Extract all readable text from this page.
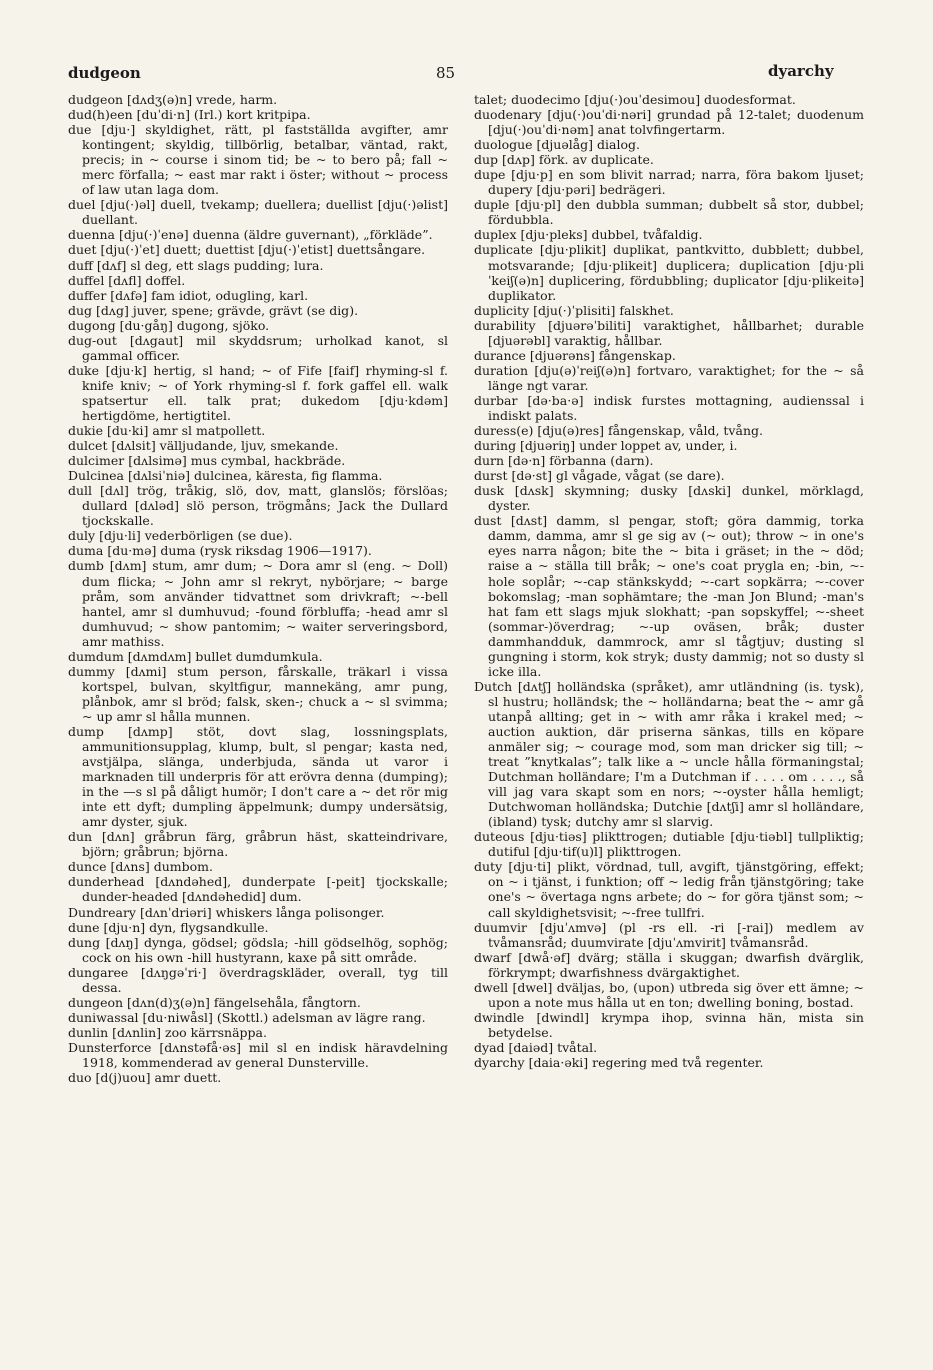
dudgeon	85	dyarchy

dudgeon [dʌdʒ(ə)n] vrede, harm.

dud(h)een [duˈdi·n] (Irl.) kort kritpipa.

due [dju·] skyldighet, rätt, pl fastställda avgifter, amr kontingent; skyldig, tillbörlig, betalbar, väntad, rakt, precis; in ~ course i sinom tid; be ~ to bero på; fall ~ merc förfalla; ~ east mar rakt i öster; without ~ process of law utan laga dom.

duel [dju(·)əl] duell, tvekamp; duellera; duellist [dju(·)əlist] duellant.

duenna [dju(·)ˈenə] duenna (äldre guvernant), „förkläde”.

duet [dju(·)ˈet] duett; duettist [dju(·)ˈetist] duettsångare.

duff [dʌf] sl deg, ett slags pudding; lura.

duffel [dʌfl] doffel.

duffer [dʌfə] fam idiot, odugling, karl.

dug [dʌg] juver, spene; grävde, grävt (se dig).

dugong [du·gåŋ] dugong, sjöko.

dug-out [dʌgaut] mil skyddsrum; urholkad kanot, sl gammal officer.

duke [dju·k] hertig, sl hand; ~ of Fife [faif] rhyming-sl f. knife kniv; ~ of York rhyming-sl f. fork gaffel ell. walk spatsertur ell. talk prat; dukedom [dju·kdəm] hertigdöme, hertigtitel.

dukie [du·ki] amr sl matpollett.

dulcet [dʌlsit] välljudande, ljuv, smekande.

dulcimer [dʌlsimə] mus cymbal, hackbräde.

Dulcinea [dʌlsiˈniə] dulcinea, käresta, fig flamma.

dull [dʌl] trög, tråkig, slö, dov, matt, glanslös; förslöas; dullard [dʌləd] slö person, trögmåns; Jack the Dullard tjockskalle.

duly [dju·li] vederbörligen (se due).

duma [du·mə] duma (rysk riksdag 1906—1917).

dumb [dʌm] stum, amr dum; ~ Dora amr sl (eng. ~ Doll) dum flicka; ~ John amr sl rekryt, nybörjare; ~ barge pråm, som använder tidvattnet som drivkraft; ~-bell hantel, amr sl dumhuvud; -found förbluffa; -head amr sl dumhuvud; ~ show pantomim; ~ waiter serveringsbord, amr mathiss.

dumdum [dʌmdʌm] bullet dumdumkula.

dummy [dʌmi] stum person, fårskalle, träkarl i vissa kortspel, bulvan, skyltfigur, mannekäng, amr pung, plånbok, amr sl bröd; falsk, sken-; chuck a ~ sl svimma; ~ up amr sl hålla munnen.

dump [dʌmp] stöt, dovt slag, lossningsplats, ammunitionsupplag, klump, bult, sl pengar; kasta ned, avstjälpa, slänga, underbjuda, sända ut varor i marknaden till underpris för att erövra denna (dumping); in the —s sl på dåligt humör; I don't care a ~ det rör mig inte ett dyft; dumpling äppelmunk; dumpy undersätsig, amr dyster, sjuk.

dun [dʌn] gråbrun färg, gråbrun häst, skatteindrivare, björn; gråbrun; björna.

dunce [dʌns] dumbom.

dunderhead [dʌndəhed], dunderpate [-peit] tjockskalle; dunder-headed [dʌndəhedid] dum.

Dundreary [dʌnˈdriəri] whiskers långa polisonger.

dune [dju·n] dyn, flygsandkulle.

dung [dʌŋ] dynga, gödsel; gödsla; -hill gödselhög, sophög; cock on his own -hill hustyrann, kaxe på sitt område.

dungaree [dʌŋgəˈri·] överdragskläder, overall, tyg till dessa.

dungeon [dʌn(d)ʒ(ə)n] fängelsehåla, fångtorn.

duniwassal [du·niwåsl] (Skottl.) adelsman av lägre rang.

dunlin [dʌnlin] zoo kärrsnäppa.

Dunsterforce [dʌnstəfå·əs] mil sl en indisk häravdelning 1918, kommenderad av general Dunsterville.

duo [d(j)uou] amr duett.

talet; duodecimo [dju(·)ouˈdesimou] duodesformat.

duodenary [dju(·)ouˈdi·nəri] grundad på 12-talet; duodenum [dju(·)ouˈdi·nəm] anat tolvfingertarm.

duologue [djuəlåg] dialog.

dup [dʌp] förk. av duplicate.

dupe [dju·p] en som blivit narrad; narra, föra bakom ljuset; dupery [dju·pəri] bedrägeri.

duple [dju·pl] den dubbla summan; dubbelt så stor, dubbel; fördubbla.

duplex [dju·pleks] dubbel, tvåfaldig.

duplicate [dju·plikit] duplikat, pantkvitto, dubblett; dubbel, motsvarande; [dju·plikeit] duplicera; duplication [dju·pliˈkeiʃ(ə)n] duplicering, fördubbling; duplicator [dju·plikeitə] duplikator.

duplicity [dju(·)ˈplisiti] falskhet.

durability [djuərəˈbiliti] varaktighet, hållbarhet; durable [djuərəbl] varaktig, hållbar.

durance [djuərəns] fångenskap.

duration [dju(ə)ˈreiʃ(ə)n] fortvaro, varaktighet; for the ~ så länge ngt varar.

durbar [də·ba·ə] indisk furstes mottagning, audienssal i indiskt palats.

duress(e) [dju(ə)res] fångenskap, våld, tvång.

during [djuəriŋ] under loppet av, under, i.

durn [də·n] förbanna (darn).

durst [də·st] gl vågade, vågat (se dare).

dusk [dʌsk] skymning; dusky [dʌski] dunkel, mörklagd, dyster.

dust [dʌst] damm, sl pengar, stoft; göra dammig, torka damm, damma, amr sl ge sig av (~ out); throw ~ in one's eyes narra någon; bite the ~ bita i gräset; in the ~ död; raise a ~ ställa till bråk; ~ one's coat prygla en; -bin, ~-hole soplår; ~-cap stänkskydd; ~-cart sopkärra; ~-cover bokomslag; -man sophämtare; the -man Jon Blund; -man's hat fam ett slags mjuk slokhatt; -pan sopskyffel; ~-sheet (sommar-)överdrag; ~-up oväsen, bråk; duster dammhandduk, dammrock, amr sl tågtjuv; dusting sl gungning i storm, kok stryk; dusty dammig; not so dusty sl icke illa.

Dutch [dʌtʃ] holländska (språket), amr utländning (is. tysk), sl hustru; holländsk; the ~ holländarna; beat the ~ amr gå utanpå allting; get in ~ with amr råka i krakel med; ~ auction auktion, där priserna sänkas, tills en köpare anmäler sig; ~ courage mod, som man dricker sig till; ~ treat ”knytkalas”; talk like a ~ uncle hålla förmaningstal; Dutchman holländare; I'm a Dutchman if . . . . om . . . ., så vill jag vara skapt som en nors; ~-oyster hålla hemligt; Dutchwoman holländska; Dutchie [dʌtʃi] amr sl holländare, (ibland) tysk; dutchy amr sl slarvig.

duteous [dju·tiəs] plikttrogen; dutiable [dju·tiəbl] tullpliktig; dutiful [dju·tif(u)l] plikttrogen.

duty [dju·ti] plikt, vördnad, tull, avgift, tjänstgöring, effekt; on ~ i tjänst, i funktion; off ~ ledig från tjänstgöring; take one's ~ övertaga ngns arbete; do ~ for göra tjänst som; ~ call skyldighetsvisit; ~-free tullfri.

duumvir [djuˈʌmvə] (pl -rs ell. -ri [-rai]) medlem av tvåmansråd; duumvirate [djuˈʌmvirit] tvåmansråd.

dwarf [dwå·əf] dvärg; ställa i skuggan; dwarfish dvärglik, förkrympt; dwarfishness dvärgaktighet.

dwell [dwel] dväljas, bo, (upon) utbreda sig över ett ämne; ~ upon a note mus hålla ut en ton; dwelling boning, bostad.

dwindle [dwindl] krympa ihop, svinna hän, mista sin betydelse.

dyad [daiəd] tvåtal.

dyarchy [daia·əki] regering med två regenter.
